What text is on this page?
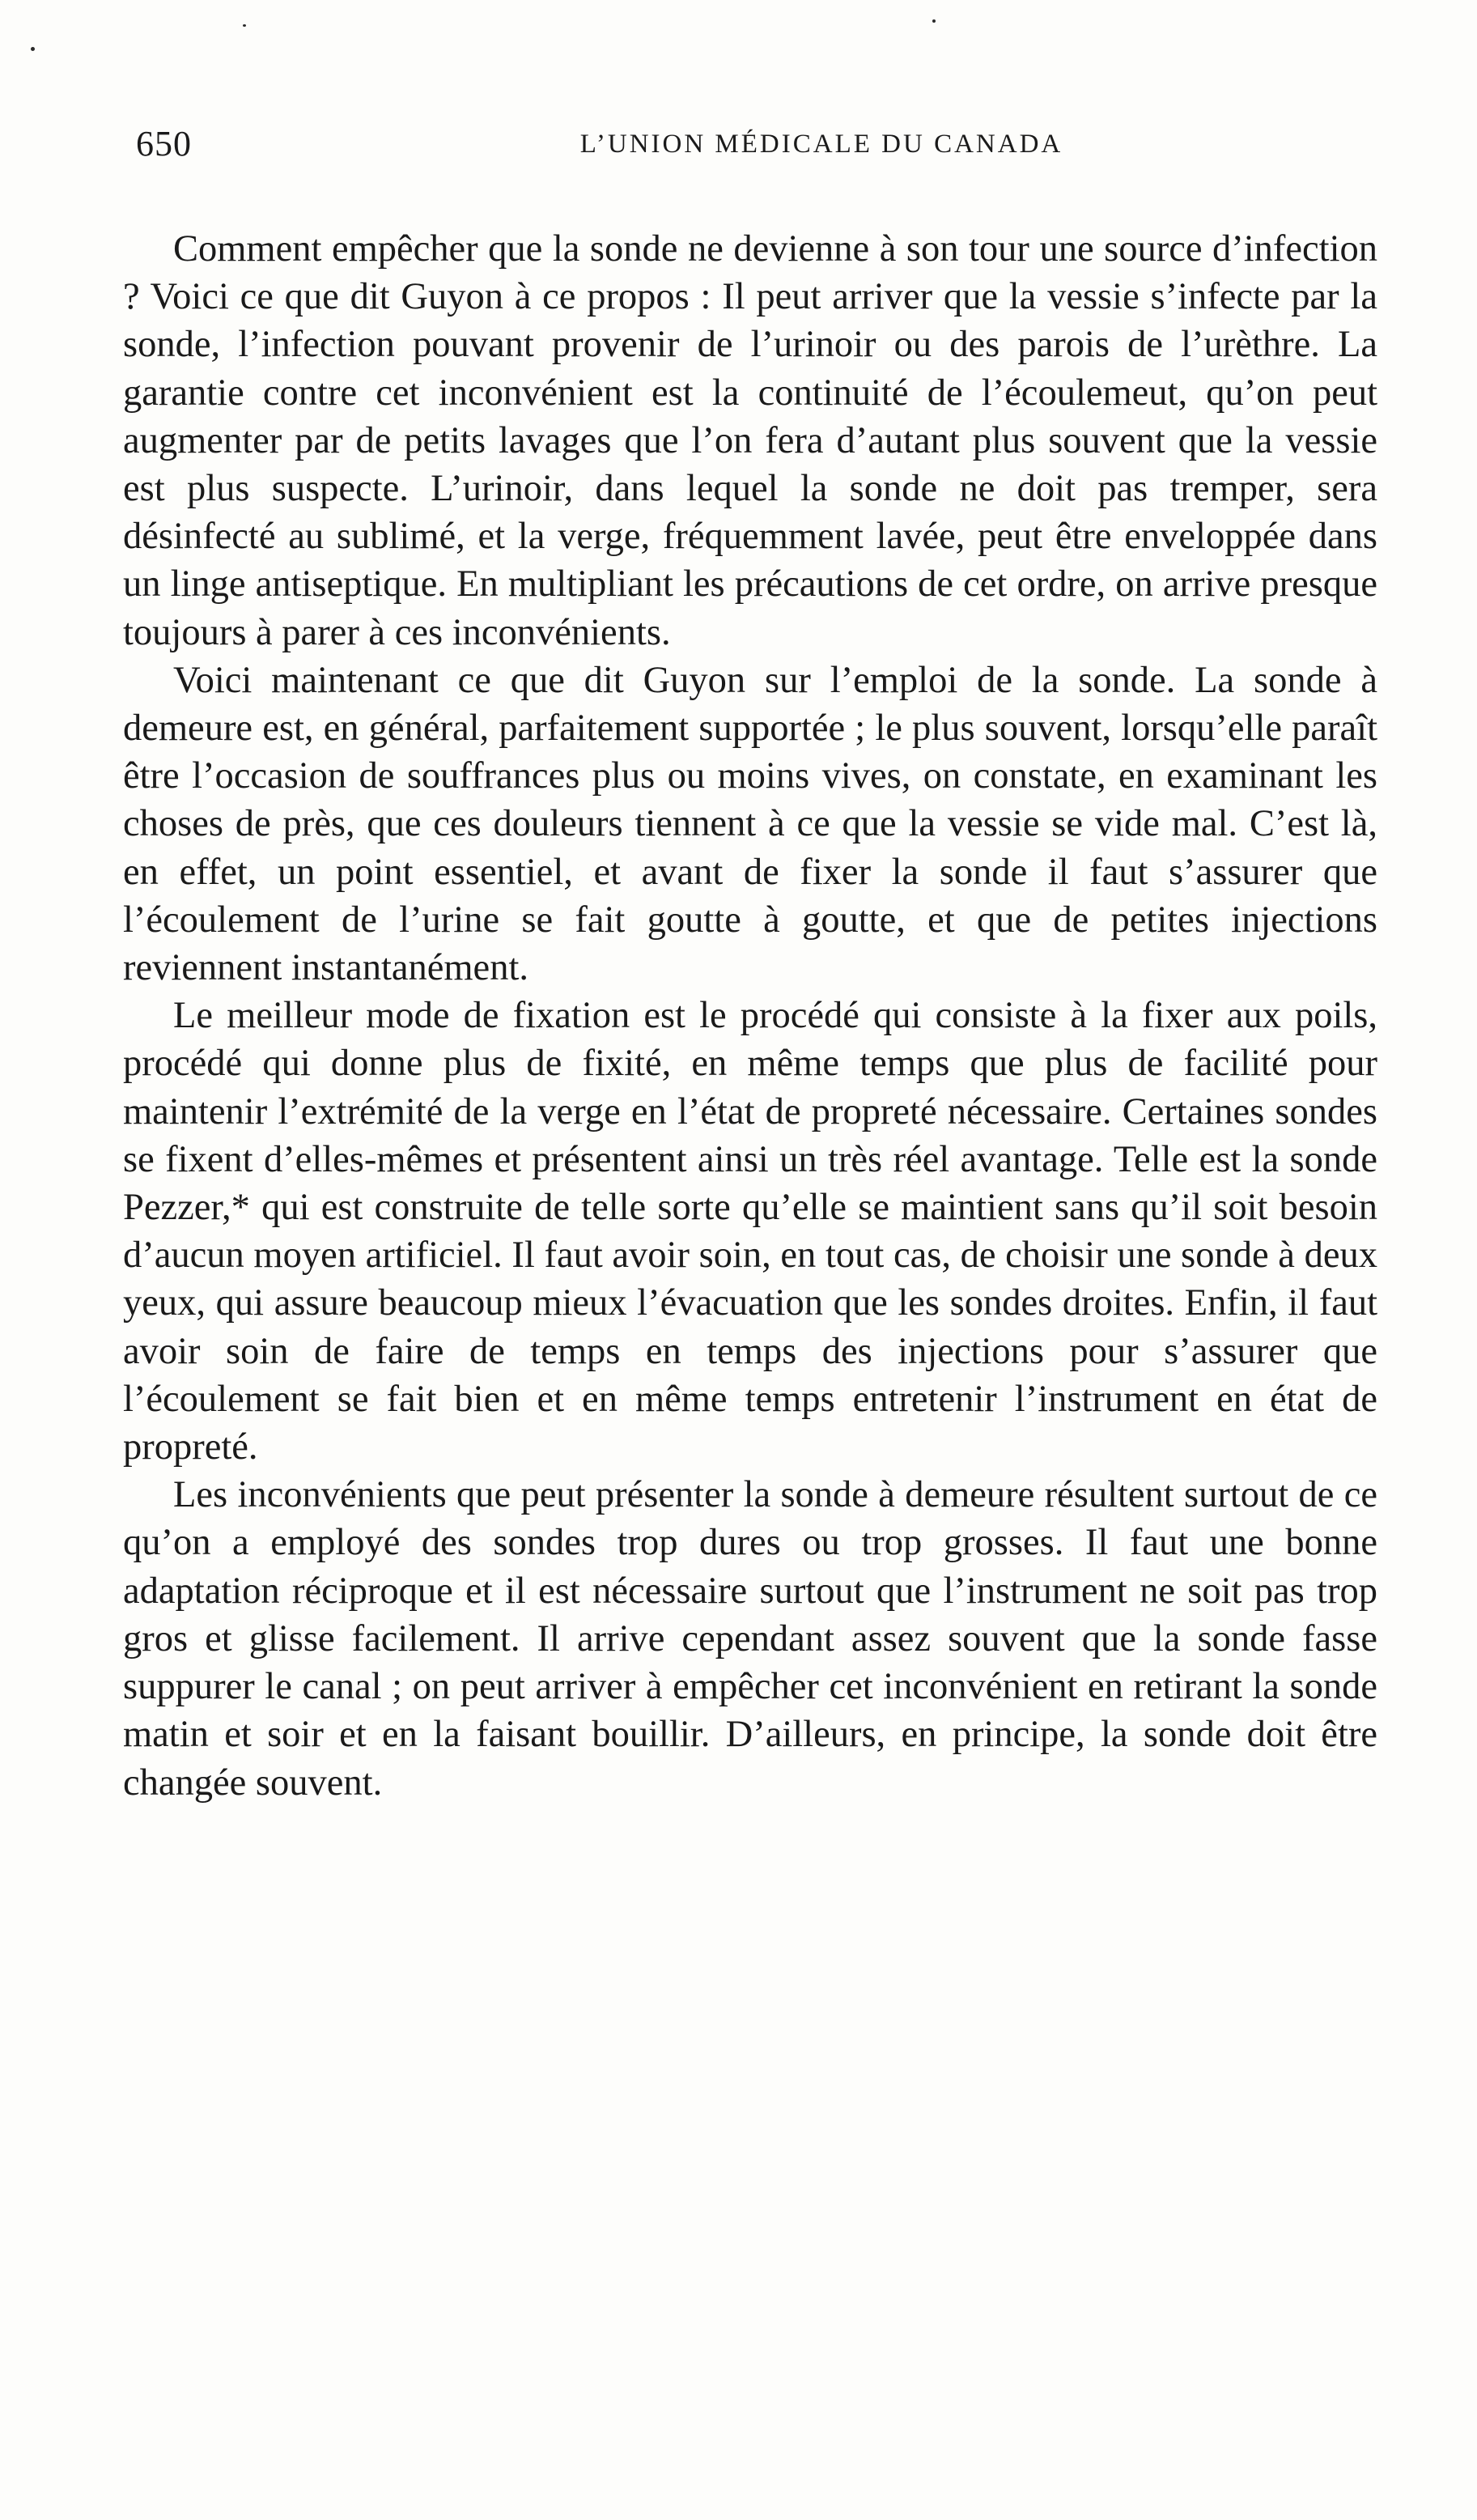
650	L’UNION MÉDICALE DU CANADA

Comment empêcher que la sonde ne devienne à son tour une source d’infection ? Voici ce que dit Guyon à ce propos : Il peut arriver que la vessie s’infecte par la sonde, l’infection pouvant provenir de l’urinoir ou des parois de l’urèthre. La garantie contre cet inconvénient est la continuité de l’écoulemeut, qu’on peut augmenter par de petits lavages que l’on fera d’autant plus souvent que la vessie est plus suspecte. L’urinoir, dans lequel la sonde ne doit pas tremper, sera désinfecté au sublimé, et la verge, fréquemment lavée, peut être enveloppée dans un linge antiseptique. En multipliant les précautions de cet ordre, on arrive presque toujours à parer à ces inconvénients.

Voici maintenant ce que dit Guyon sur l’emploi de la sonde. La sonde à demeure est, en général, parfaitement supportée ; le plus souvent, lorsqu’elle paraît être l’occasion de souffrances plus ou moins vives, on constate, en examinant les choses de près, que ces douleurs tiennent à ce que la vessie se vide mal. C’est là, en effet, un point essentiel, et avant de fixer la sonde il faut s’assurer que l’écoulement de l’urine se fait goutte à goutte, et que de petites injections reviennent instantanément.

Le meilleur mode de fixation est le procédé qui consiste à la fixer aux poils, procédé qui donne plus de fixité, en même temps que plus de facilité pour maintenir l’extrémité de la verge en l’état de propreté nécessaire. Certaines sondes se fixent d’elles-mêmes et présentent ainsi un très réel avantage. Telle est la sonde Pezzer,* qui est construite de telle sorte qu’elle se maintient sans qu’il soit besoin d’aucun moyen artificiel. Il faut avoir soin, en tout cas, de choisir une sonde à deux yeux, qui assure beaucoup mieux l’évacuation que les sondes droites. Enfin, il faut avoir soin de faire de temps en temps des injections pour s’assurer que l’écoulement se fait bien et en même temps entretenir l’instrument en état de propreté.

Les inconvénients que peut présenter la sonde à demeure résultent surtout de ce qu’on a employé des sondes trop dures ou trop grosses. Il faut une bonne adaptation réciproque et il est nécessaire surtout que l’instrument ne soit pas trop gros et glisse facilement. Il arrive cependant assez souvent que la sonde fasse suppurer le canal ; on peut arriver à empêcher cet inconvénient en retirant la sonde matin et soir et en la faisant bouillir. D’ailleurs, en principe, la sonde doit être changée souvent.
